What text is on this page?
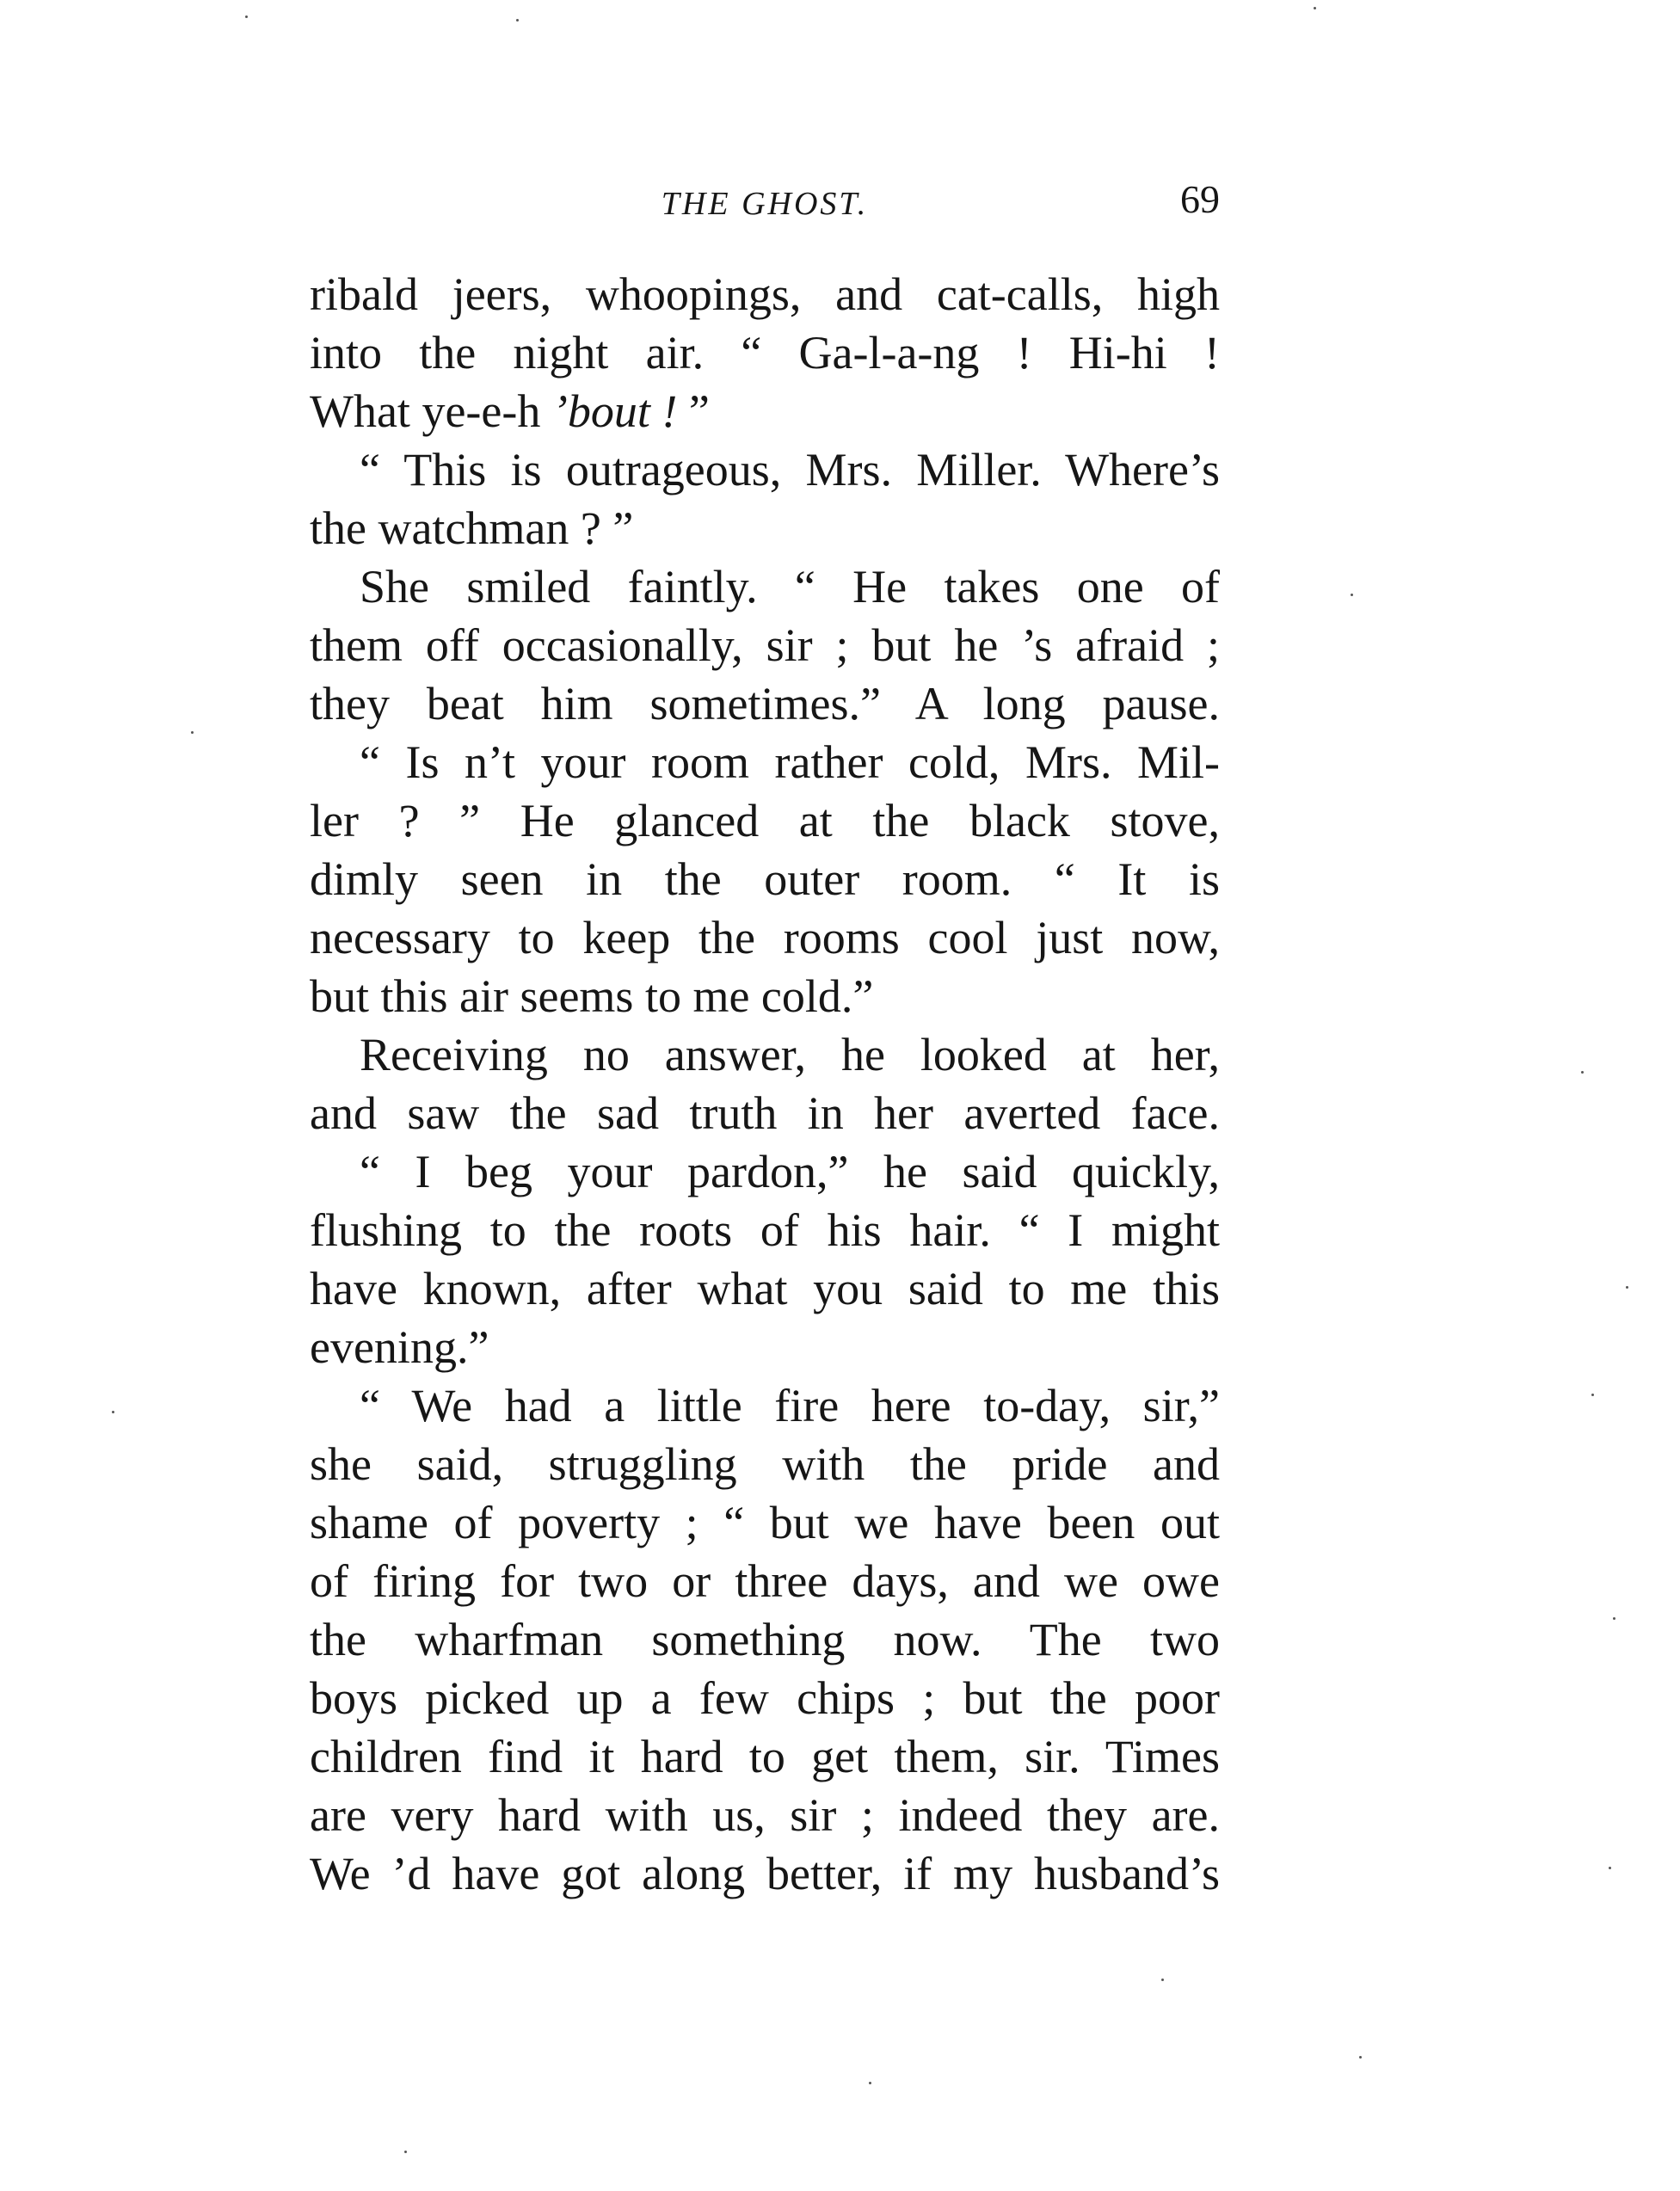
THE GHOST.	69
ribald jeers, whoopings, and cat-calls, high
into the night air. “ Ga-l-a-ng ! Hi-hi !
What ye-e-h ’bout ! ”
“ This is outrageous, Mrs. Miller. Where’s
the watchman ? ”
She smiled faintly. “ He takes one of
them off occasionally, sir ; but he ’s afraid ;
they beat him sometimes.” A long pause.
“ Is n’t your room rather cold, Mrs. Mil-
ler ? ” He glanced at the black stove,
dimly seen in the outer room. “ It is
necessary to keep the rooms cool just now,
but this air seems to me cold.”
Receiving no answer, he looked at her,
and saw the sad truth in her averted face.
“ I beg your pardon,” he said quickly,
flushing to the roots of his hair. “ I might
have known, after what you said to me this
evening.”
“ We had a little fire here to-day, sir,”
she said, struggling with the pride and
shame of poverty ; “ but we have been out
of firing for two or three days, and we owe
the wharfman something now. The two
boys picked up a few chips ; but the poor
children find it hard to get them, sir. Times
are very hard with us, sir ; indeed they are.
We ’d have got along better, if my husband’s
